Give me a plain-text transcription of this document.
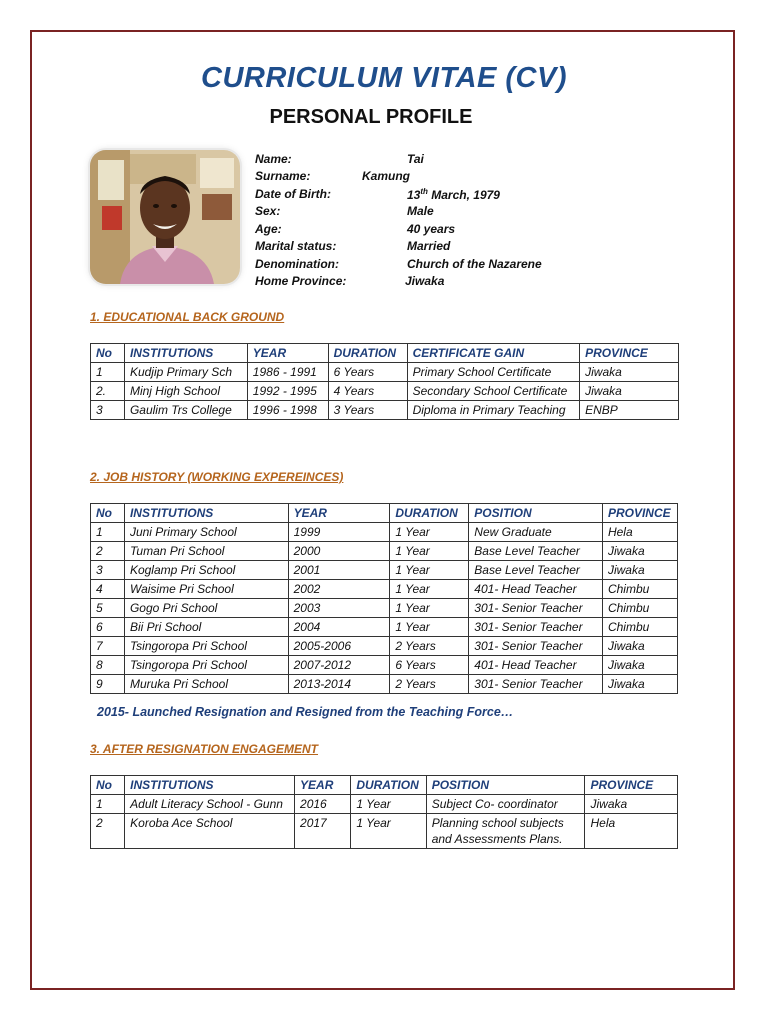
CURRICULUM VITAE (CV)
PERSONAL PROFILE
Name:	Tai
Surname:	Kamung
Date of Birth:	13th March, 1979
Sex:	Male
Age:	40 years
Marital status:	Married
Denomination:	Church of the Nazarene
Home Province:	Jiwaka
1. EDUCATIONAL BACK GROUND
No	INSTITUTIONS	YEAR	DURATION	CERTIFICATE GAIN	PROVINCE
1	Kudjip Primary Sch	1986 - 1991	6 Years	Primary School Certificate	Jiwaka
2.	Minj High School	1992 - 1995	4 Years	Secondary School Certificate	Jiwaka
3	Gaulim Trs College	1996 - 1998	3 Years	Diploma in Primary Teaching	ENBP
2. JOB HISTORY (WORKING EXPEREINCES)
No	INSTITUTIONS	YEAR	DURATION	POSITION	PROVINCE
1	Juni Primary School	1999	1 Year	New Graduate	Hela
2	Tuman Pri School	2000	1 Year	Base Level Teacher	Jiwaka
3	Koglamp Pri School	2001	1 Year	Base Level Teacher	Jiwaka
4	Waisime Pri School	2002	1 Year	401- Head Teacher	Chimbu
5	Gogo Pri School	2003	1 Year	301- Senior Teacher	Chimbu
6	Bii Pri School	2004	1 Year	301- Senior Teacher	Chimbu
7	Tsingoropa Pri School	2005-2006	2 Years	301- Senior Teacher	Jiwaka
8	Tsingoropa Pri School	2007-2012	6 Years	401- Head Teacher	Jiwaka
9	Muruka Pri School	2013-2014	2 Years	301- Senior Teacher	Jiwaka
2015- Launched Resignation and Resigned from the Teaching Force…
3. AFTER RESIGNATION ENGAGEMENT
No	INSTITUTIONS	YEAR	DURATION	POSITION	PROVINCE
1	Adult Literacy School - Gunn	2016	1 Year	Subject Co- coordinator	Jiwaka
2	Koroba Ace School	2017	1 Year	Planning school subjects and Assessments Plans.	Hela
